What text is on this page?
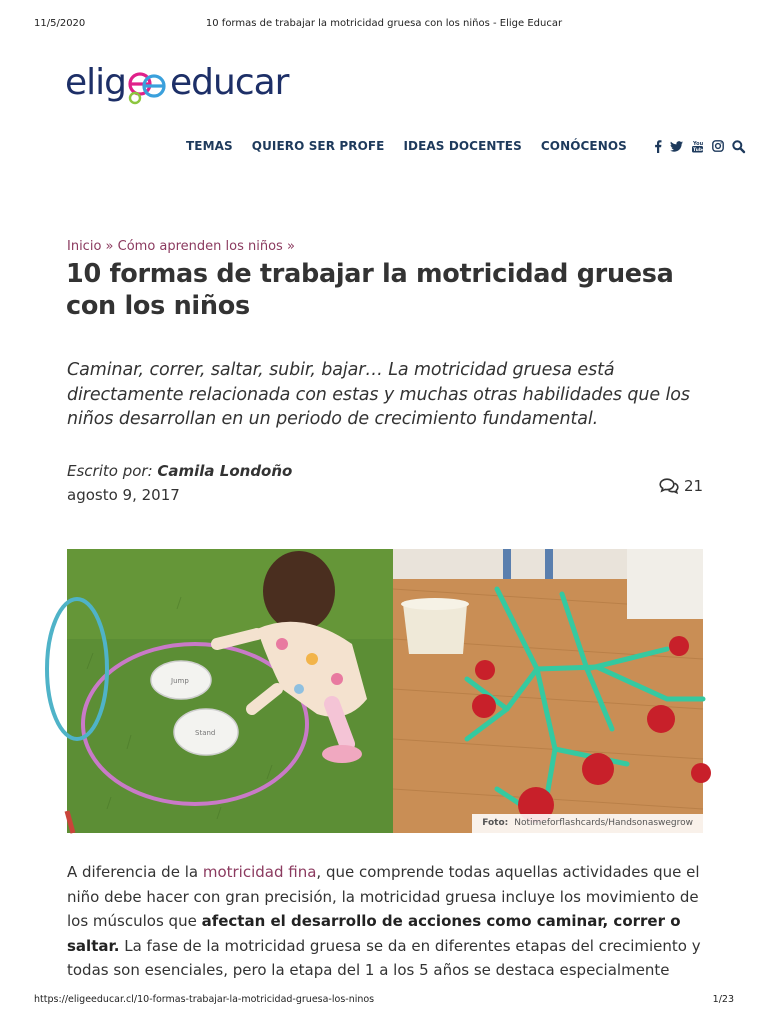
11/5/2020	10 formas de trabajar la motricidad gruesa con los niños - Elige Educar
elig educar
TEMAS QUIERO SER PROFE IDEAS DOCENTES CONÓCENOS	You
Tube
Inicio » Cómo aprenden los niños »
10 formas de trabajar la motricidad gruesa con los niños

Caminar, correr, saltar, subir, bajar… La motricidad gruesa está directamente relacionada con estas y muchas otras habilidades que los niños desarrollan en un periodo de crecimiento fundamental.

Escrito por: Camila Londoño
agosto 9, 2017	21
Jump
Stand
Foto: Notimeforflashcards/Handsonaswegrow

A diferencia de la motricidad fina, que comprende todas aquellas actividades que el niño debe hacer con gran precisión, la motricidad gruesa incluye los movimiento de los músculos que afectan el desarrollo de acciones como caminar, correr o saltar. La fase de la motricidad gruesa se da en diferentes etapas del crecimiento y todas son esenciales, pero la etapa del 1 a los 5 años se destaca especialmente

https://eligeeducar.cl/10-formas-trabajar-la-motricidad-gruesa-los-ninos	1/23
